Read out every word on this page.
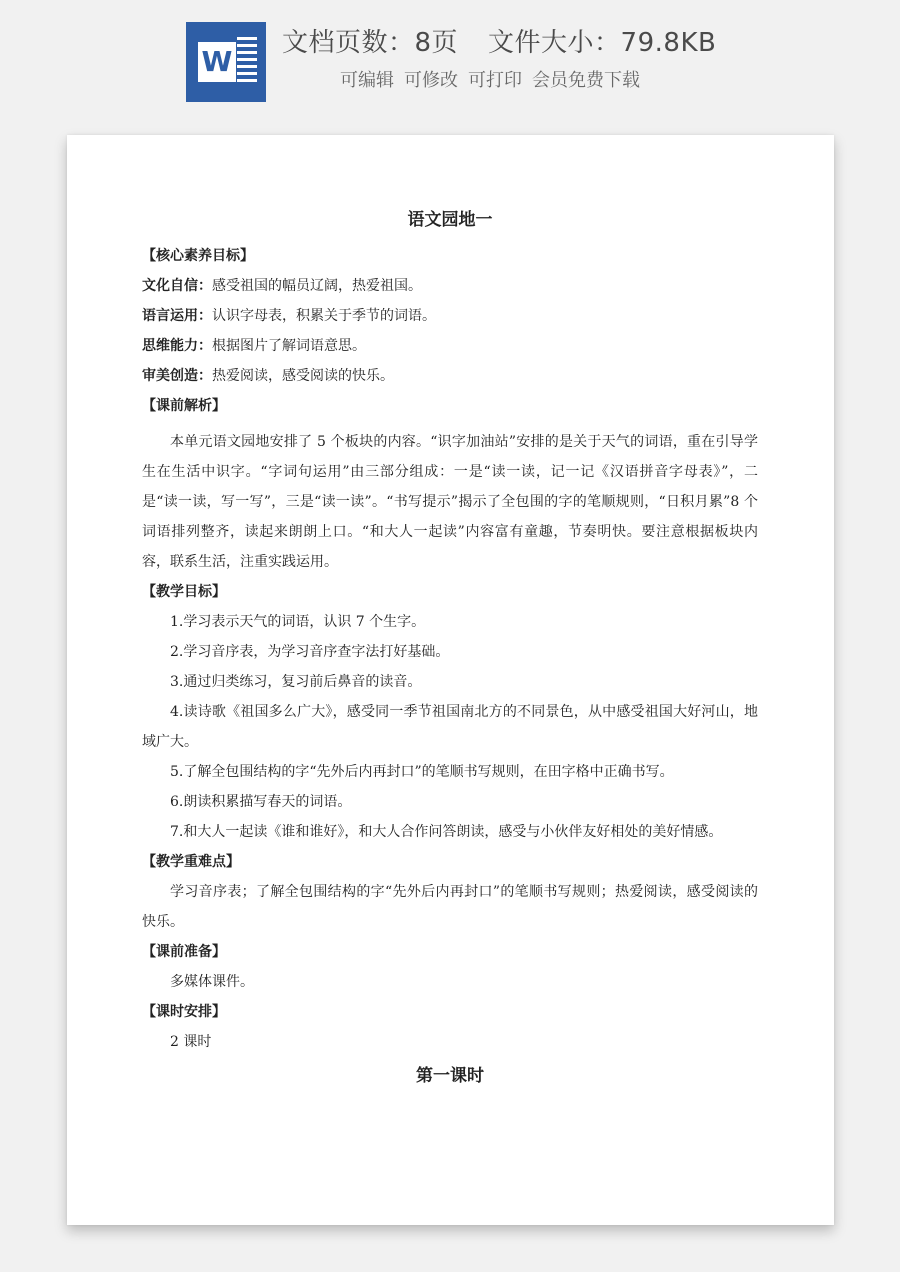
W
文档页数：8页 文件大小：79.8KB
可编辑 可修改 可打印 会员免费下载
语文园地一
【核心素养目标】
文化自信：感受祖国的幅员辽阔，热爱祖国。
语言运用：认识字母表，积累关于季节的词语。
思维能力：根据图片了解词语意思。
审美创造：热爱阅读，感受阅读的快乐。
【课前解析】
本单元语文园地安排了 5 个板块的内容。“识字加油站”安排的是关于天气的词语，重在引导学生在生活中识字。“字词句运用”由三部分组成：一是“读一读，记一记《汉语拼音字母表》”，二是“读一读，写一写”，三是“读一读”。“书写提示”揭示了全包围的字的笔顺规则，“日积月累”8 个词语排列整齐，读起来朗朗上口。“和大人一起读”内容富有童趣，节奏明快。要注意根据板块内容，联系生活，注重实践运用。
【教学目标】
1.学习表示天气的词语，认识 7 个生字。
2.学习音序表，为学习音序查字法打好基础。
3.通过归类练习，复习前后鼻音的读音。
4.读诗歌《祖国多么广大》，感受同一季节祖国南北方的不同景色，从中感受祖国大好河山，地域广大。
5.了解全包围结构的字“先外后内再封口”的笔顺书写规则，在田字格中正确书写。
6.朗读积累描写春天的词语。
7.和大人一起读《谁和谁好》，和大人合作问答朗读，感受与小伙伴友好相处的美好情感。
【教学重难点】
学习音序表；了解全包围结构的字“先外后内再封口”的笔顺书写规则；热爱阅读，感受阅读的快乐。
【课前准备】
多媒体课件。
【课时安排】
2 课时
第一课时
